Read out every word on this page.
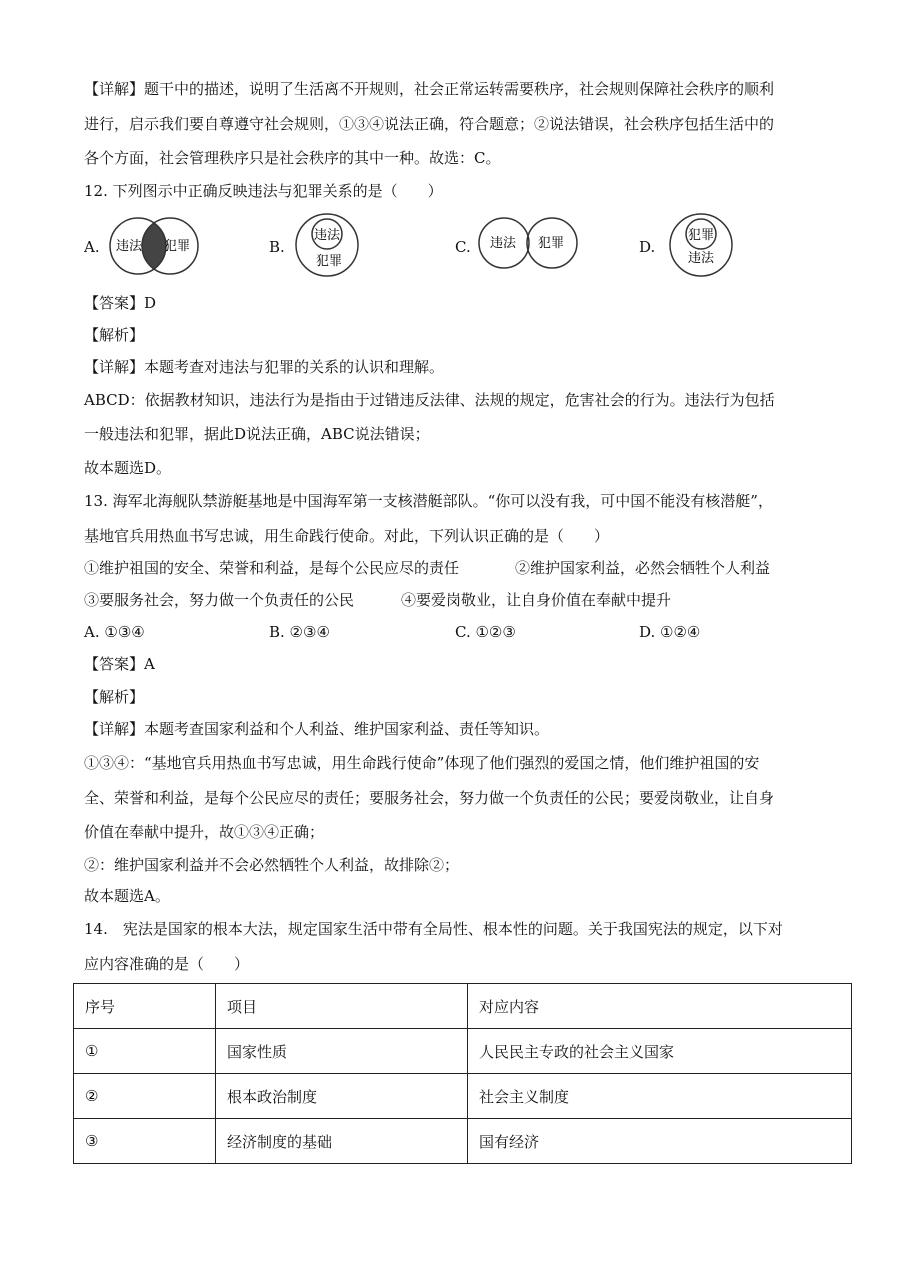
【详解】题干中的描述，说明了生活离不开规则，社会正常运转需要秩序，社会规则保障社会秩序的顺利
进行，启示我们要自尊遵守社会规则，①③④说法正确，符合题意；②说法错误，社会秩序包括生活中的
各个方面，社会管理秩序只是社会秩序的其中一种。故选：C。
12. 下列图示中正确反映违法与犯罪关系的是（　　）
A. 违法 犯罪	B.
违法
犯罪
C. 违法 犯罪	D.
犯罪
违法
【答案】D
【解析】
【详解】本题考查对违法与犯罪的关系的认识和理解。
ABCD：依据教材知识，违法行为是指由于过错违反法律、法规的规定，危害社会的行为。违法行为包括
一般违法和犯罪，据此D说法正确，ABC说法错误；
故本题选D。
13. 海军北海舰队禁游艇基地是中国海军第一支核潜艇部队。“你可以没有我，可中国不能没有核潜艇”，
基地官兵用热血书写忠诚，用生命践行使命。对此，下列认识正确的是（　　）
①维护祖国的安全、荣誉和利益，是每个公民应尽的责任	②维护国家利益，必然会牺牲个人利益
③要服务社会，努力做一个负责任的公民	④要爱岗敬业，让自身价值在奉献中提升
A. ①③④	B. ②③④	C. ①②③	D. ①②④
【答案】A
【解析】
【详解】本题考查国家利益和个人利益、维护国家利益、责任等知识。
①③④：“基地官兵用热血书写忠诚，用生命践行使命”体现了他们强烈的爱国之情，他们维护祖国的安
全、荣誉和利益，是每个公民应尽的责任；要服务社会，努力做一个负责任的公民；要爱岗敬业，让自身
价值在奉献中提升，故①③④正确；
②：维护国家利益并不会必然牺牲个人利益，故排除②；
故本题选A。
14.　宪法是国家的根本大法，规定国家生活中带有全局性、根本性的问题。关于我国宪法的规定，以下对
应内容准确的是（　　）
序号	项目	对应内容
①	国家性质	人民民主专政的社会主义国家
②	根本政治制度	社会主义制度
③	经济制度的基础	国有经济
